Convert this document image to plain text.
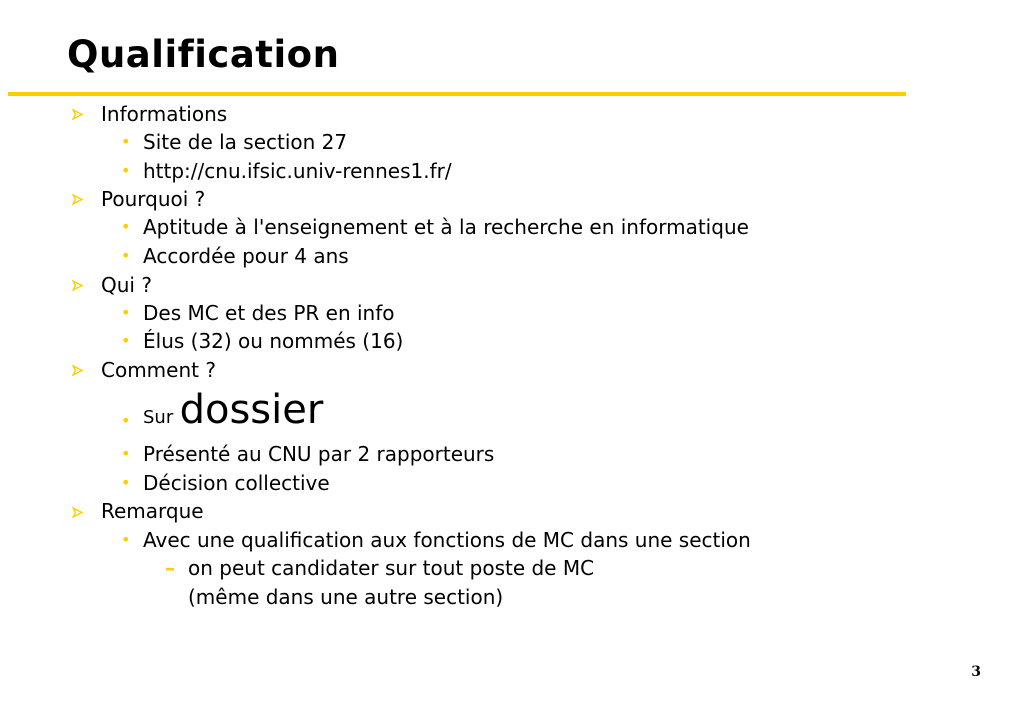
Qualification
Informations
• Site de la section 27
• http://cnu.ifsic.univ-rennes1.fr/
Pourquoi ?
• Aptitude à l'enseignement et à la recherche en informatique
• Accordée pour 4 ans
Qui ?
• Des MC et des PR en info
• Élus (32) ou nommés (16)
Comment ?
• Sur dossier
• Présenté au CNU par 2 rapporteurs
• Décision collective
Remarque
• Avec une qualification aux fonctions de MC dans une section
– on peut candidater sur tout poste de MC
(même dans une autre section)
3
